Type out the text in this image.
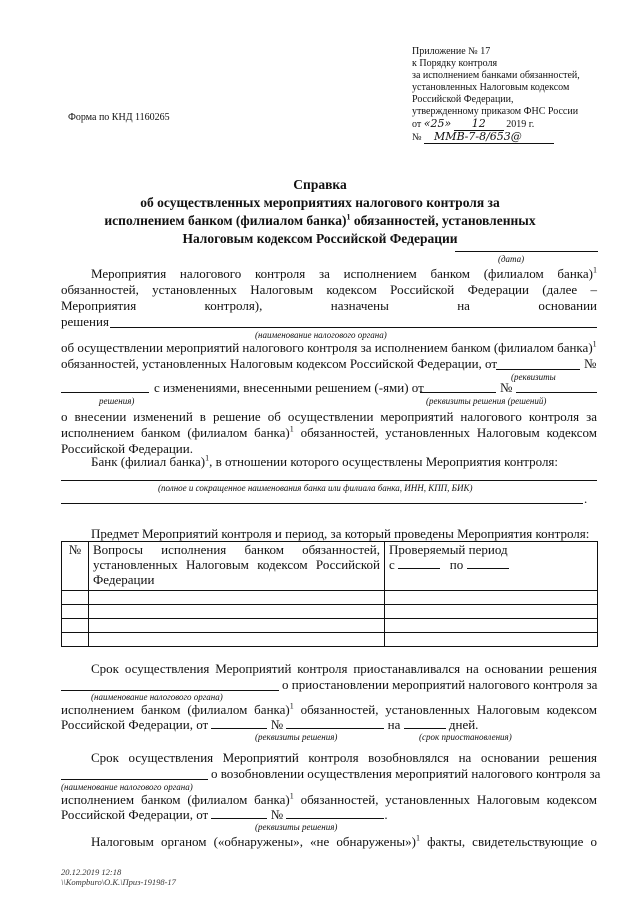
Приложение № 17
к Порядку контроля
за исполнением банками обязанностей,
установленных Налоговым кодексом
Российской Федерации,
утвержденному приказом ФНС России
от «25» 12 2019 г.
№ ММВ-7-8/653@
Форма по КНД 1160265
Справка
об осуществленных мероприятиях налогового контроля за
исполнением банком (филиалом банка)$^1$ обязанностей, установленных
Налоговым кодексом Российской Федерации
(дата)
Мероприятия налогового контроля за исполнением банком (филиалом банка)$^1$
обязанностей, установленных Налоговым кодексом Российской Федерации (далее –
Мероприятия контроля), назначены на основании
решения
(наименование налогового органа)
об осуществлении мероприятий налогового контроля за исполнением банком (филиалом банка)$^1$
обязанностей, установленных Налоговым кодексом Российской Федерации, от	№
(реквизиты
с изменениями, внесенными решением (-ями) от	№
решения)	(реквизиты решения (решений)
о внесении изменений в решение об осуществлении мероприятий налогового контроля за
исполнением банком (филиалом банка)$^1$ обязанностей, установленных Налоговым кодексом
Российской Федерации.
Банк (филиал банка)$^1$, в отношении которого осуществлены Мероприятия контроля:
(полное и сокращенное наименования банка или филиала банка, ИНН, КПП, БИК)
.
Предмет Мероприятий контроля и период, за который проведены Мероприятия контроля:
№	Вопросы исполнения банком обязанностей, установленных Налоговым кодексом Российской Федерации	Проверяемый период
с по

Срок осуществления Мероприятий контроля приостанавливался на основании решения
о приостановлении мероприятий налогового контроля за
(наименование налогового органа)
исполнением банком (филиалом банка)$^1$ обязанностей, установленных Налоговым кодексом
Российской Федерации, от	№	на	дней.
(реквизиты решения)	(срок приостановления)
Срок осуществления Мероприятий контроля возобновлялся на основании решения
о возобновлении осуществления мероприятий налогового контроля за
(наименование налогового органа)
исполнением банком (филиалом банка)$^1$ обязанностей, установленных Налоговым кодексом
Российской Федерации, от	№	.
(реквизиты решения)
Налоговым органом («обнаружены», «не обнаружены»)$^1$ факты, свидетельствующие о
20.12.2019 12:18
\\Kompburo\О.К.\Приз-19198-17
